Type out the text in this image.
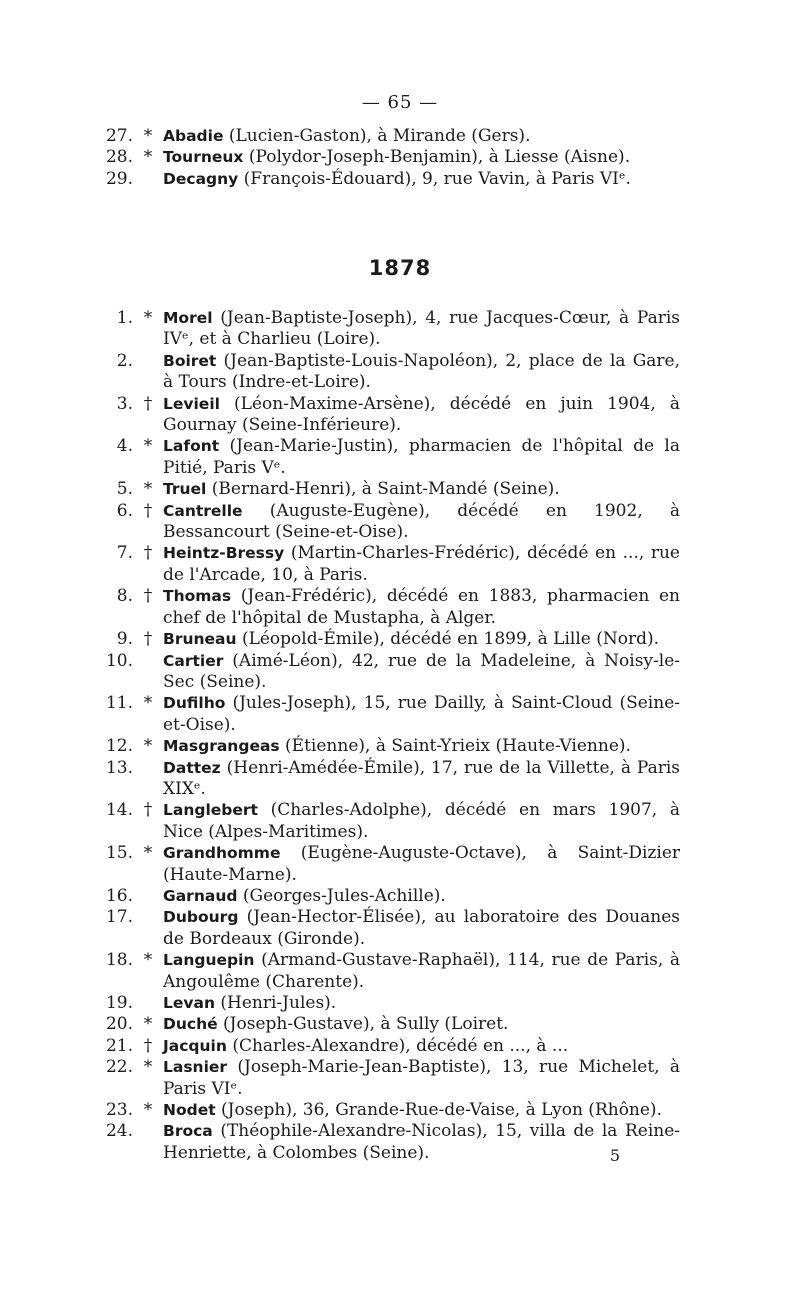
— 65 —
27. * Abadie (Lucien-Gaston), à Mirande (Gers).
28. * Tourneux (Polydor-Joseph-Benjamin), à Liesse (Aisne).
29. Decagny (François-Édouard), 9, rue Vavin, à Paris VIᵉ.
1878
1. * Morel (Jean-Baptiste-Joseph), 4, rue Jacques-Cœur, à Paris IVᵉ, et à Charlieu (Loire).
2. Boiret (Jean-Baptiste-Louis-Napoléon), 2, place de la Gare, à Tours (Indre-et-Loire).
3. † Levieil (Léon-Maxime-Arsène), décédé en juin 1904, à Gournay (Seine-Inférieure).
4. * Lafont (Jean-Marie-Justin), pharmacien de l'hôpital de la Pitié, Paris Vᵉ.
5. * Truel (Bernard-Henri), à Saint-Mandé (Seine).
6. † Cantrelle (Auguste-Eugène), décédé en 1902, à Bessancourt (Seine-et-Oise).
7. † Heintz-Bressy (Martin-Charles-Frédéric), décédé en ..., rue de l'Arcade, 10, à Paris.
8. † Thomas (Jean-Frédéric), décédé en 1883, pharmacien en chef de l'hôpital de Mustapha, à Alger.
9. † Bruneau (Léopold-Émile), décédé en 1899, à Lille (Nord).
10. Cartier (Aimé-Léon), 42, rue de la Madeleine, à Noisy-le-Sec (Seine).
11. * Dufilho (Jules-Joseph), 15, rue Dailly, à Saint-Cloud (Seine-et-Oise).
12. * Masgrangeas (Étienne), à Saint-Yrieix (Haute-Vienne).
13. Dattez (Henri-Amédée-Émile), 17, rue de la Villette, à Paris XIXᵉ.
14. † Langlebert (Charles-Adolphe), décédé en mars 1907, à Nice (Alpes-Maritimes).
15. * Grandhomme (Eugène-Auguste-Octave), à Saint-Dizier (Haute-Marne).
16. Garnaud (Georges-Jules-Achille).
17. Dubourg (Jean-Hector-Élisée), au laboratoire des Douanes de Bordeaux (Gironde).
18. * Languepin (Armand-Gustave-Raphaël), 114, rue de Paris, à Angoulême (Charente).
19. Levan (Henri-Jules).
20. * Duché (Joseph-Gustave), à Sully (Loiret.
21. † Jacquin (Charles-Alexandre), décédé en ..., à ...
22. * Lasnier (Joseph-Marie-Jean-Baptiste), 13, rue Michelet, à Paris VIᵉ.
23. * Nodet (Joseph), 36, Grande-Rue-de-Vaise, à Lyon (Rhône).
24. Broca (Théophile-Alexandre-Nicolas), 15, villa de la Reine-Henriette, à Colombes (Seine).	5
